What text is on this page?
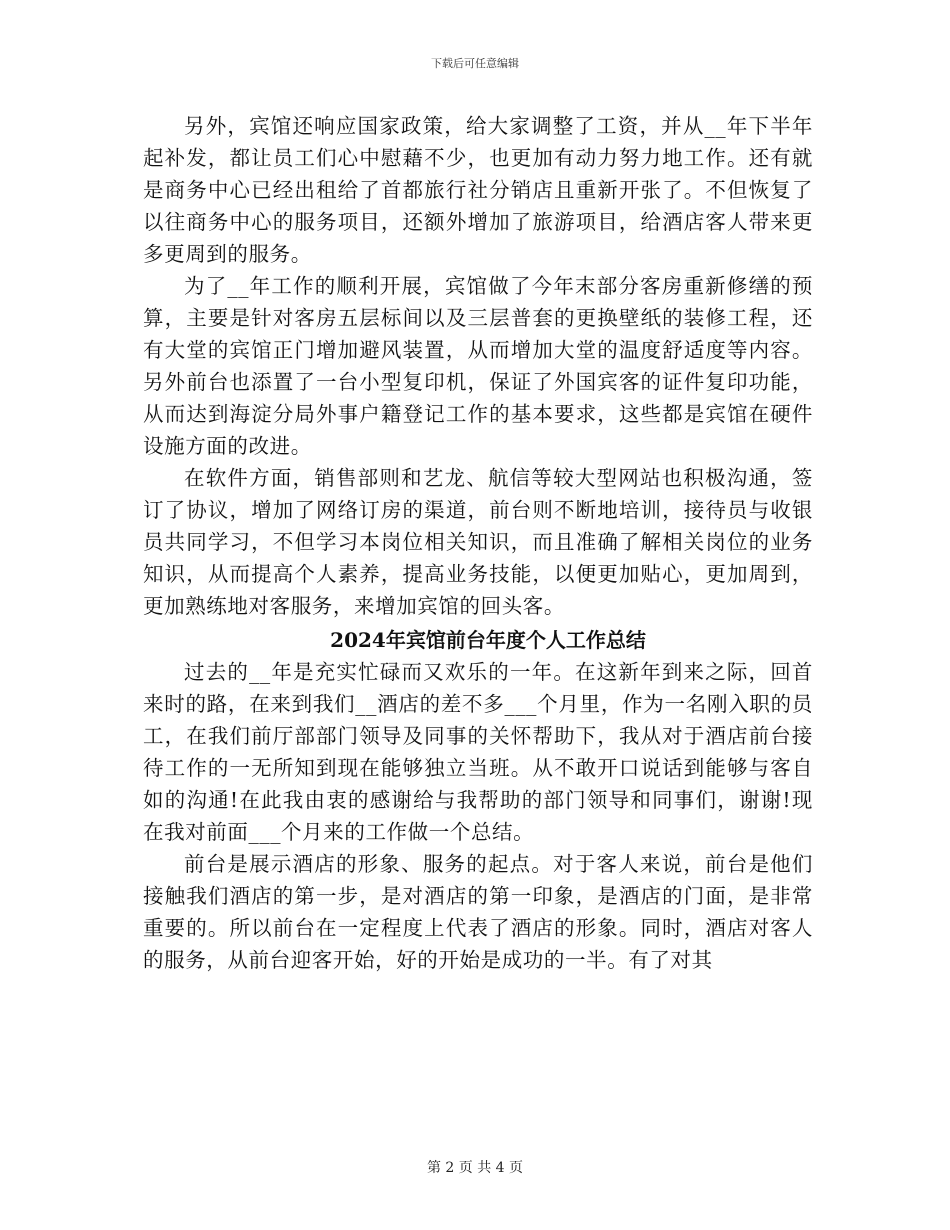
下载后可任意编辑

另外，宾馆还响应国家政策，给大家调整了工资，并从__年下半年起补发，都让员工们心中慰藉不少，也更加有动力努力地工作。还有就是商务中心已经出租给了首都旅行社分销店且重新开张了。不但恢复了以往商务中心的服务项目，还额外增加了旅游项目，给酒店客人带来更多更周到的服务。

为了__年工作的顺利开展，宾馆做了今年末部分客房重新修缮的预算，主要是针对客房五层标间以及三层普套的更换壁纸的装修工程，还有大堂的宾馆正门增加避风装置，从而增加大堂的温度舒适度等内容。另外前台也添置了一台小型复印机，保证了外国宾客的证件复印功能，从而达到海淀分局外事户籍登记工作的基本要求，这些都是宾馆在硬件设施方面的改进。

在软件方面，销售部则和艺龙、航信等较大型网站也积极沟通，签订了协议，增加了网络订房的渠道，前台则不断地培训，接待员与收银员共同学习，不但学习本岗位相关知识，而且准确了解相关岗位的业务知识，从而提高个人素养，提高业务技能，以便更加贴心，更加周到，更加熟练地对客服务，来增加宾馆的回头客。

2024年宾馆前台年度个人工作总结

过去的__年是充实忙碌而又欢乐的一年。在这新年到来之际，回首来时的路，在来到我们__酒店的差不多___个月里，作为一名刚入职的员工，在我们前厅部部门领导及同事的关怀帮助下，我从对于酒店前台接待工作的一无所知到现在能够独立当班。从不敢开口说话到能够与客自如的沟通!在此我由衷的感谢给与我帮助的部门领导和同事们，谢谢!现在我对前面___个月来的工作做一个总结。

前台是展示酒店的形象、服务的起点。对于客人来说，前台是他们接触我们酒店的第一步，是对酒店的第一印象，是酒店的门面，是非常重要的。所以前台在一定程度上代表了酒店的形象。同时，酒店对客人的服务，从前台迎客开始，好的开始是成功的一半。有了对其

第 2 页 共 4 页
